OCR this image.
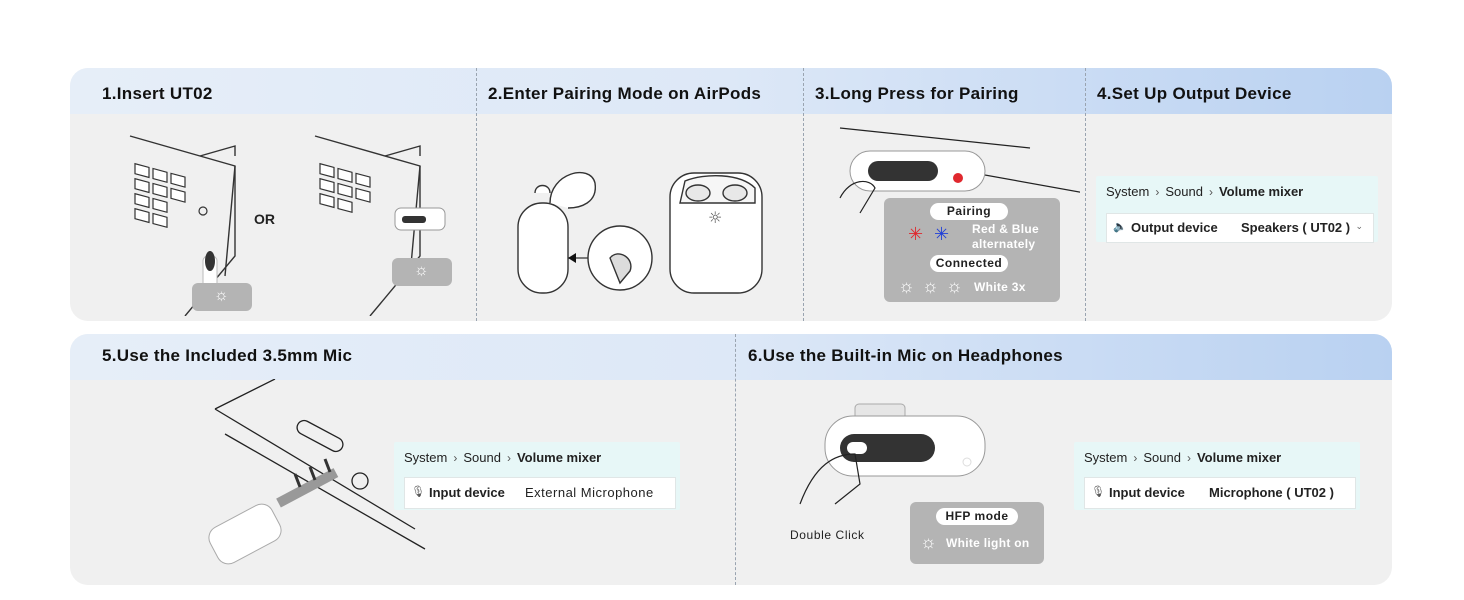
1.Insert UT02	2.Enter Pairing Mode on AirPods	3.Long Press for Pairing	4.Set Up Output Device
☼
OR
☼
☼	Pairing
✳ ✳ Red & Blue
alternately
Connected
☼ ☼ ☼ White 3x
System › Sound › Volume mixer
🔈 Output device Speakers ( UT02 ) ⌄
5.Use the Included 3.5mm Mic	6.Use the Built-in Mic on Headphones
System › Sound › Volume mixer
🎙 Input device External Microphone
Double Click
HFP mode
☼ White light on
System › Sound › Volume mixer
🎙 Input device Microphone ( UT02 )
